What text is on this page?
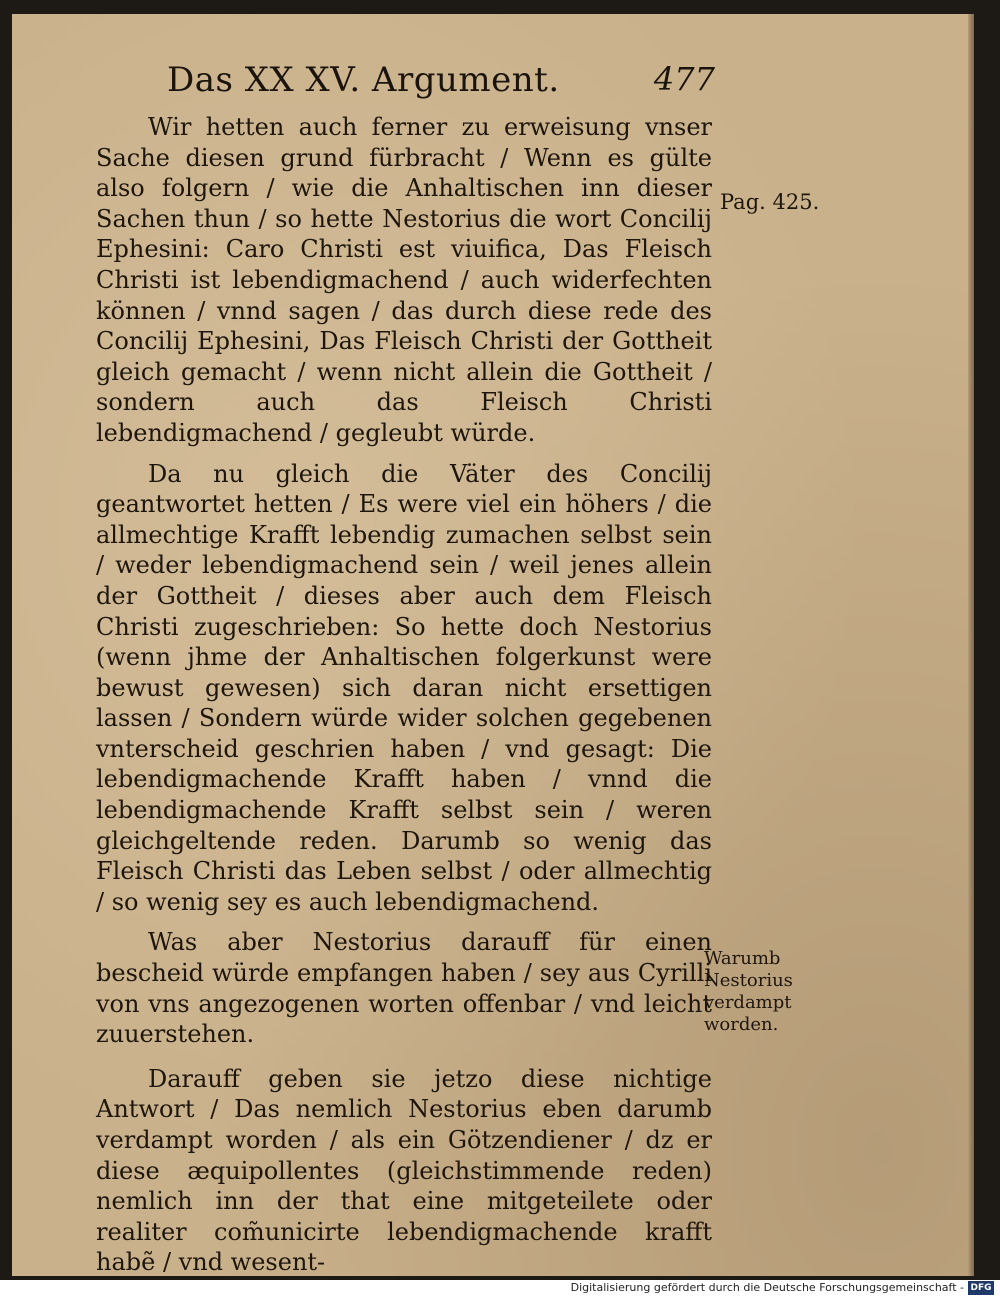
Das XX XV. Argument.	477

Wir hetten auch ferner zu erweisung vnser Sache diesen grund fürbracht / Wenn es gülte also folgern / wie die Anhaltischen inn dieser Sachen thun / so hette Nestorius die wort Concilij Ephesini: Caro Christi est viuifica, Das Fleisch Christi ist lebendigmachend / auch widerfechten können / vnnd sagen / das durch diese rede des Concilij Ephesini, Das Fleisch Christi der Gottheit gleich gemacht / wenn nicht allein die Gottheit / sondern auch das Fleisch Christi lebendigmachend / gegleubt würde.

Da nu gleich die Väter des Concilij geantwortet hetten / Es were viel ein höhers / die allmechtige Krafft lebendig zumachen selbst sein / weder lebendigmachend sein / weil jenes allein der Gottheit / dieses aber auch dem Fleisch Christi zugeschrieben: So hette doch Nestorius (wenn jhme der Anhaltischen folgerkunst were bewust gewesen) sich daran nicht ersettigen lassen / Sondern würde wider solchen gegebenen vnterscheid geschrien haben / vnd gesagt: Die lebendigmachende Krafft haben / vnnd die lebendigmachende Krafft selbst sein / weren gleichgeltende reden. Darumb so wenig das Fleisch Christi das Leben selbst / oder allmechtig / so wenig sey es auch lebendigmachend.

Was aber Nestorius darauff für einen bescheid würde empfangen haben / sey aus Cyrilli von vns angezogenen worten offenbar / vnd leicht zuuerstehen.

Darauff geben sie jetzo diese nichtige Antwort / Das nemlich Nestorius eben darumb verdampt worden / als ein Götzendiener / dz er diese æquipollentes (gleichstimmende reden) nemlich inn der that eine mitgeteilete oder realiter com̃unicirte lebendigmachende krafft habẽ / vnd wesent-

Pag. 425.
Warumb
Nestorius
verdampt
worden.
Digitalisierung gefördert durch die Deutsche Forschungsgemeinschaft - DFG
